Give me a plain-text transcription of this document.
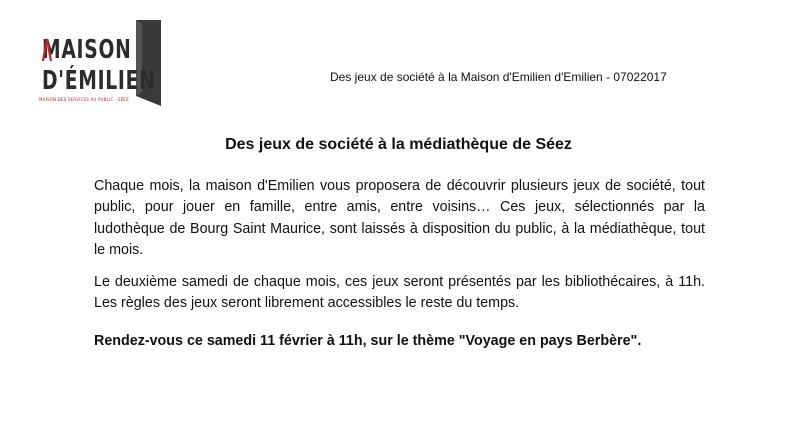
MAISON
D'ÉMILIEN
MAISON DES SERVICES AU PUBLIC · SÉEZ
Des jeux de société à la Maison d'Emilien d'Emilien - 07022017
Des jeux de société à la médiathèque de Séez

Chaque mois, la maison d'Emilien vous proposera de découvrir plusieurs jeux de société, tout public, pour jouer en famille, entre amis, entre voisins… Ces jeux, sélectionnés par la ludothèque de Bourg Saint Maurice, sont laissés à disposition du public, à la médiathèque, tout le mois.

Le deuxième samedi de chaque mois, ces jeux seront présentés par les bibliothécaires, à 11h. Les règles des jeux seront librement accessibles le reste du temps.

Rendez-vous ce samedi 11 février à 11h, sur le thème "Voyage en pays Berbère".
